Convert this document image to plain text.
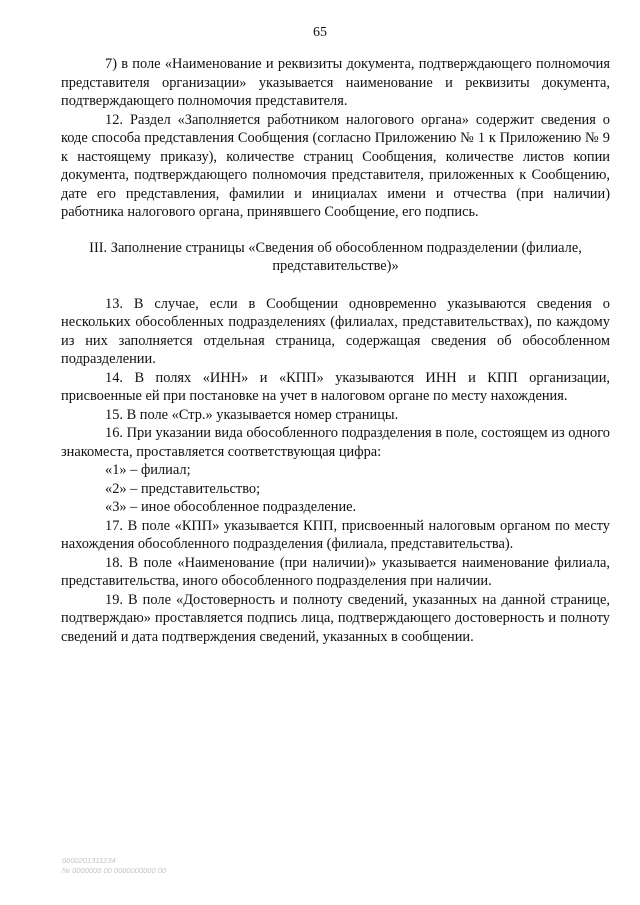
65

7) в поле «Наименование и реквизиты документа, подтверждающего полномочия представителя организации» указывается наименование и реквизиты документа, подтверждающего полномочия представителя.

12. Раздел «Заполняется работником налогового органа» содержит сведения о коде способа представления Сообщения (согласно Приложению № 1 к Приложению № 9 к настоящему приказу), количестве страниц Сообщения, количестве листов копии документа, подтверждающего полномочия представителя, приложенных к Сообщению, дате его представления, фамилии и инициалах имени и отчества (при наличии) работника налогового органа, принявшего Сообщение, его подпись.

III. Заполнение страницы «Сведения об обособленном подразделении (филиале, представительстве)»

13. В случае, если в Сообщении одновременно указываются сведения о нескольких обособленных подразделениях (филиалах, представительствах), по каждому из них заполняется отдельная страница, содержащая сведения об обособленном подразделении.

14. В полях «ИНН» и «КПП» указываются ИНН и КПП организации, присвоенные ей при постановке на учет в налоговом органе по месту нахождения.

15. В поле «Стр.» указывается номер страницы.

16. При указании вида обособленного подразделения в поле, состоящем из одного знакоместа, проставляется соответствующая цифра:

«1» – филиал;

«2» – представительство;

«3» – иное обособленное подразделение.

17. В поле «КПП» указывается КПП, присвоенный налоговым органом по месту нахождения обособленного подразделения (филиала, представительства).

18. В поле «Наименование (при наличии)» указывается наименование филиала, представительства, иного обособленного подразделения при наличии.

19. В поле «Достоверность и полноту сведений, указанных на данной странице, подтверждаю» проставляется подпись лица, подтверждающего достоверность и полноту сведений и дата подтверждения сведений, указанных в сообщении.

0000201311234
№ 0000000 00 0000000000 00
